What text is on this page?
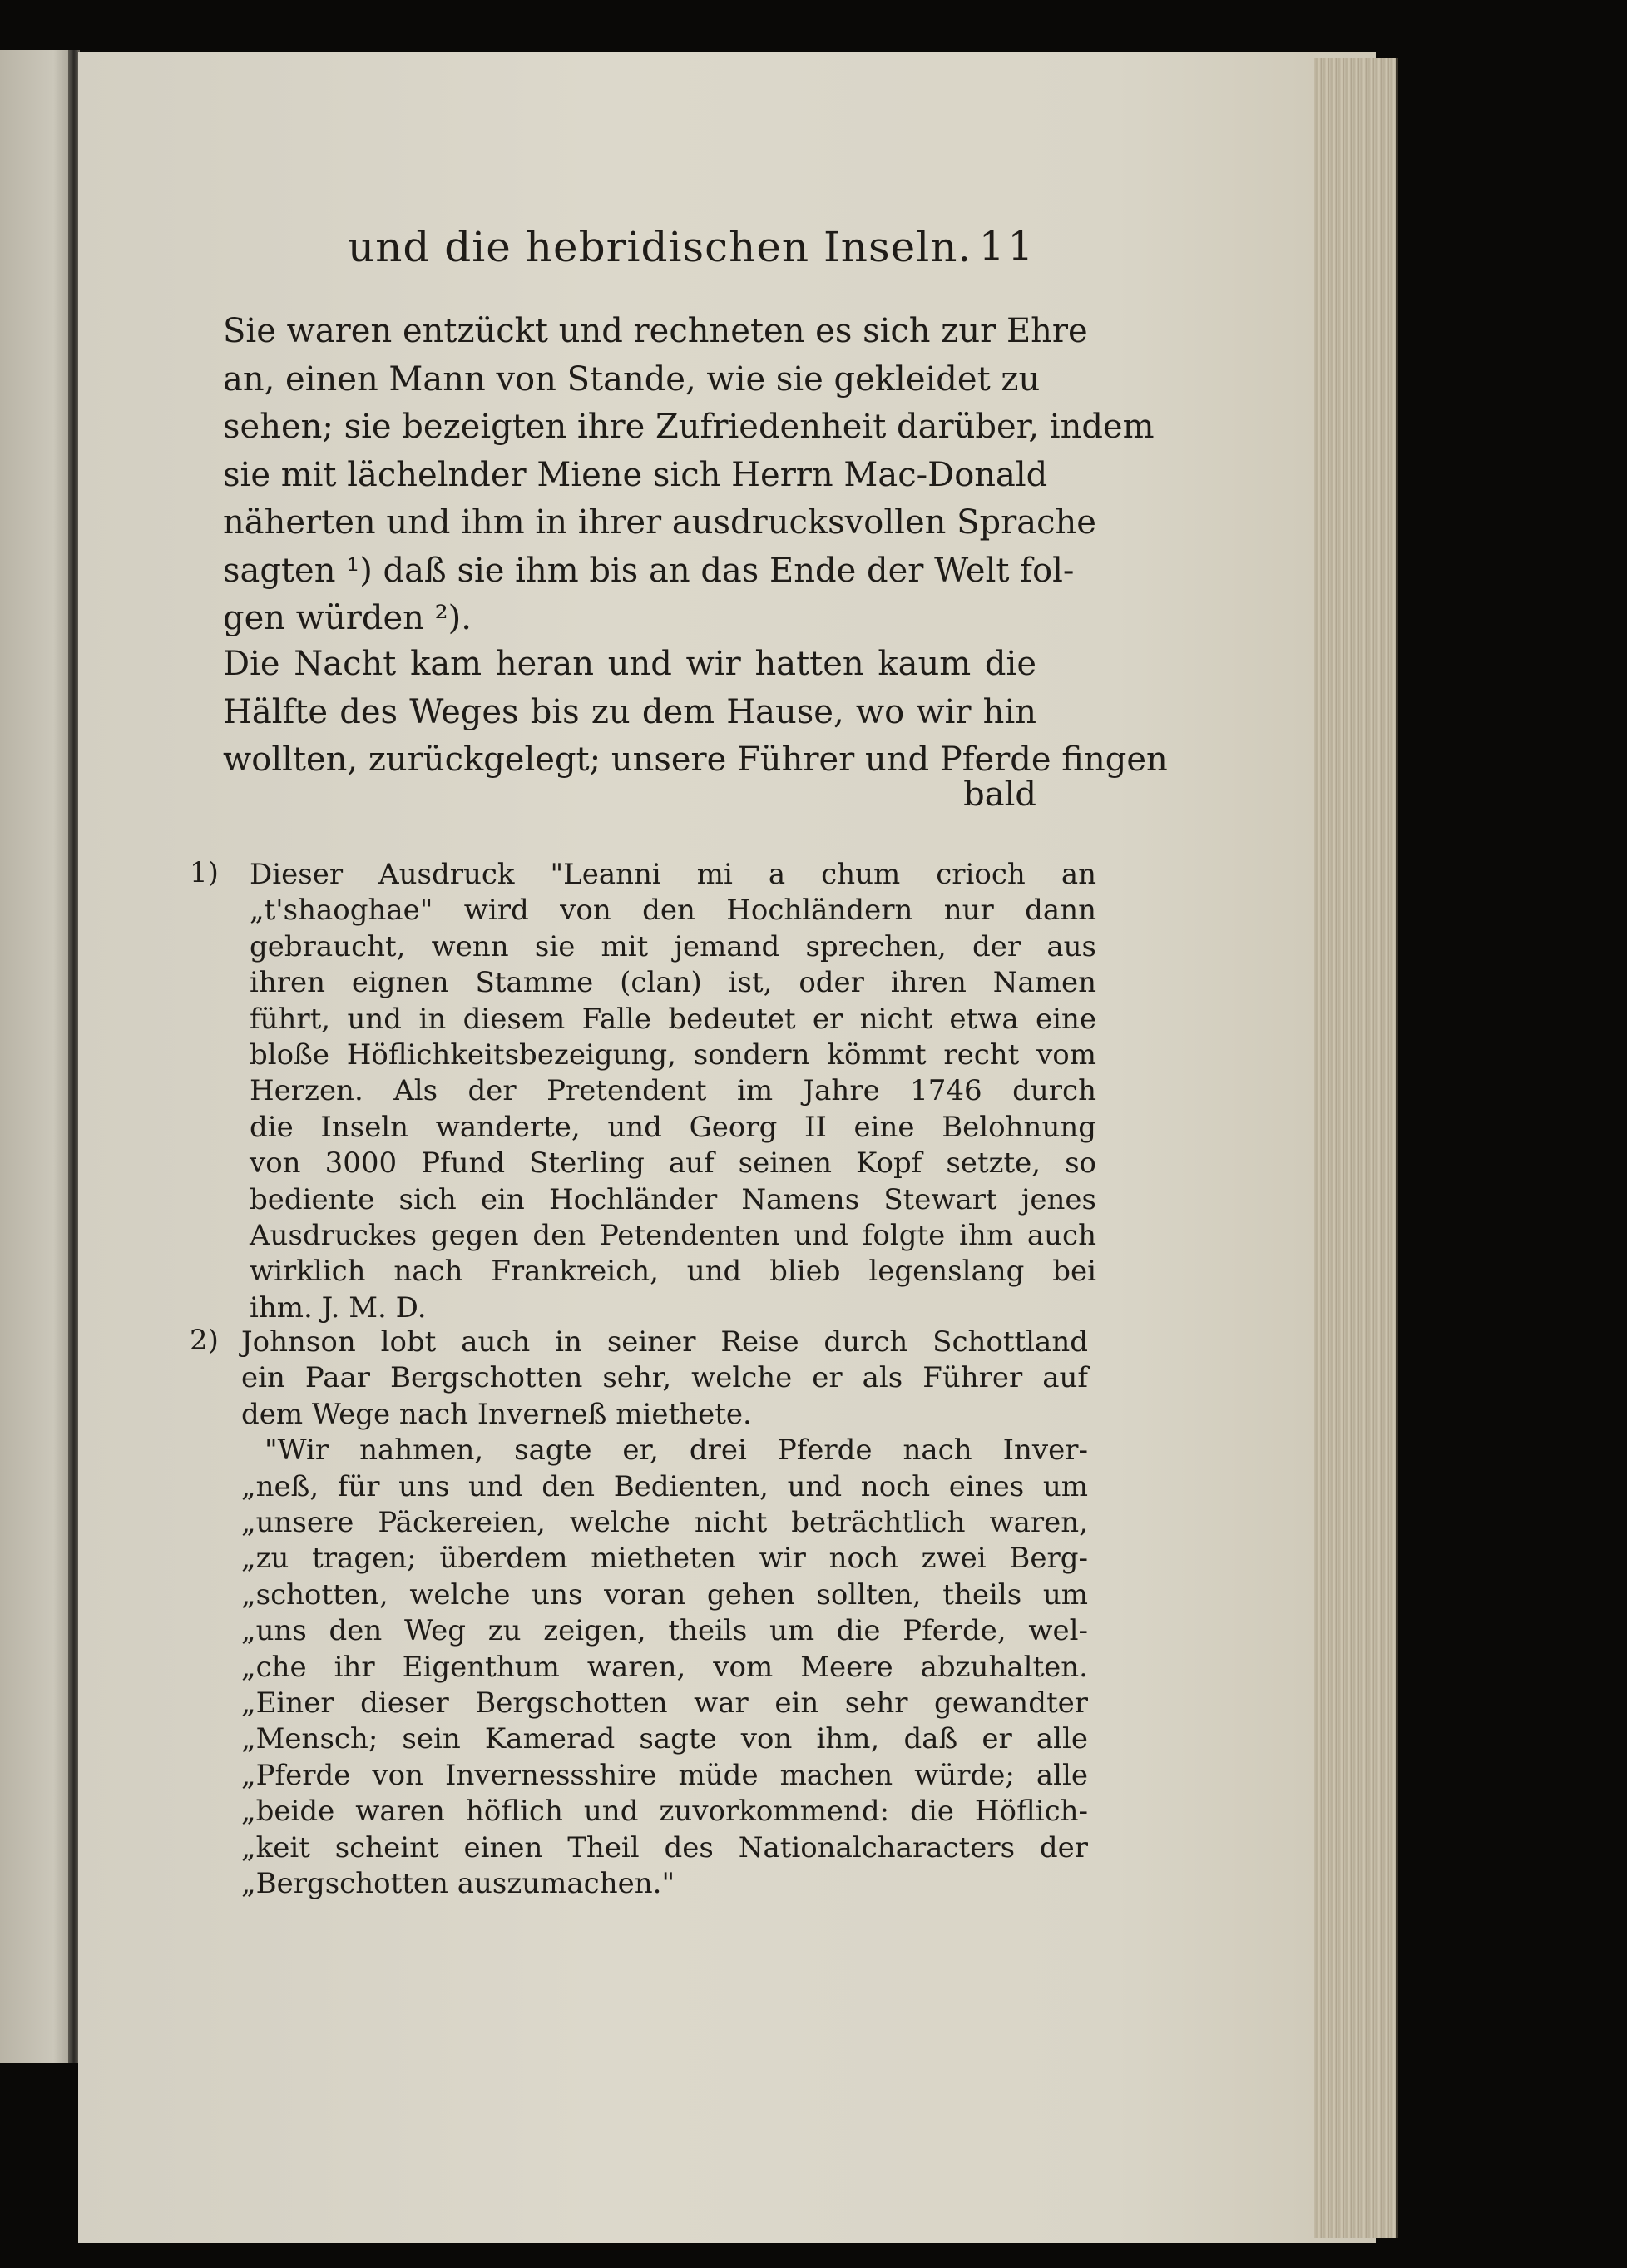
und die hebridischen Inseln. 11
Sie waren entzückt und rechneten es sich zur Ehre
an, einen Mann von Stande, wie sie gekleidet zu
sehen; sie bezeigten ihre Zufriedenheit darüber, indem
sie mit lächelnder Miene sich Herrn Mac-Donald
näherten und ihm in ihrer ausdrucksvollen Sprache
sagten ¹) daß sie ihm bis an das Ende der Welt fol-
gen würden ²).
Die Nacht kam heran und wir hatten kaum die
Hälfte des Weges bis zu dem Hause, wo wir hin
wollten, zurückgelegt; unsere Führer und Pferde fingen
bald
1) Dieser Ausdruck "Leanni mi a chum crioch an
„t'shaoghae" wird von den Hochländern nur dann
gebraucht, wenn sie mit jemand sprechen, der aus
ihren eignen Stamme (clan) ist, oder ihren Namen
führt, und in diesem Falle bedeutet er nicht etwa eine
bloße Höflichkeitsbezeigung, sondern kömmt recht vom
Herzen. Als der Pretendent im Jahre 1746 durch
die Inseln wanderte, und Georg II eine Belohnung
von 3000 Pfund Sterling auf seinen Kopf setzte, so
bediente sich ein Hochländer Namens Stewart jenes
Ausdruckes gegen den Petendenten und folgte ihm auch
wirklich nach Frankreich, und blieb legenslang bei
ihm. J. M. D.
2) Johnson lobt auch in seiner Reise durch Schottland
ein Paar Bergschotten sehr, welche er als Führer auf
dem Wege nach Inverneß miethete.
"Wir nahmen, sagte er, drei Pferde nach Inver-
„neß, für uns und den Bedienten, und noch eines um
„unsere Päckereien, welche nicht beträchtlich waren,
„zu tragen; überdem mietheten wir noch zwei Berg-
„schotten, welche uns voran gehen sollten, theils um
„uns den Weg zu zeigen, theils um die Pferde, wel-
„che ihr Eigenthum waren, vom Meere abzuhalten.
„Einer dieser Bergschotten war ein sehr gewandter
„Mensch; sein Kamerad sagte von ihm, daß er alle
„Pferde von Invernessshire müde machen würde; alle
„beide waren höflich und zuvorkommend: die Höflich-
„keit scheint einen Theil des Nationalcharacters der
„Bergschotten auszumachen."
